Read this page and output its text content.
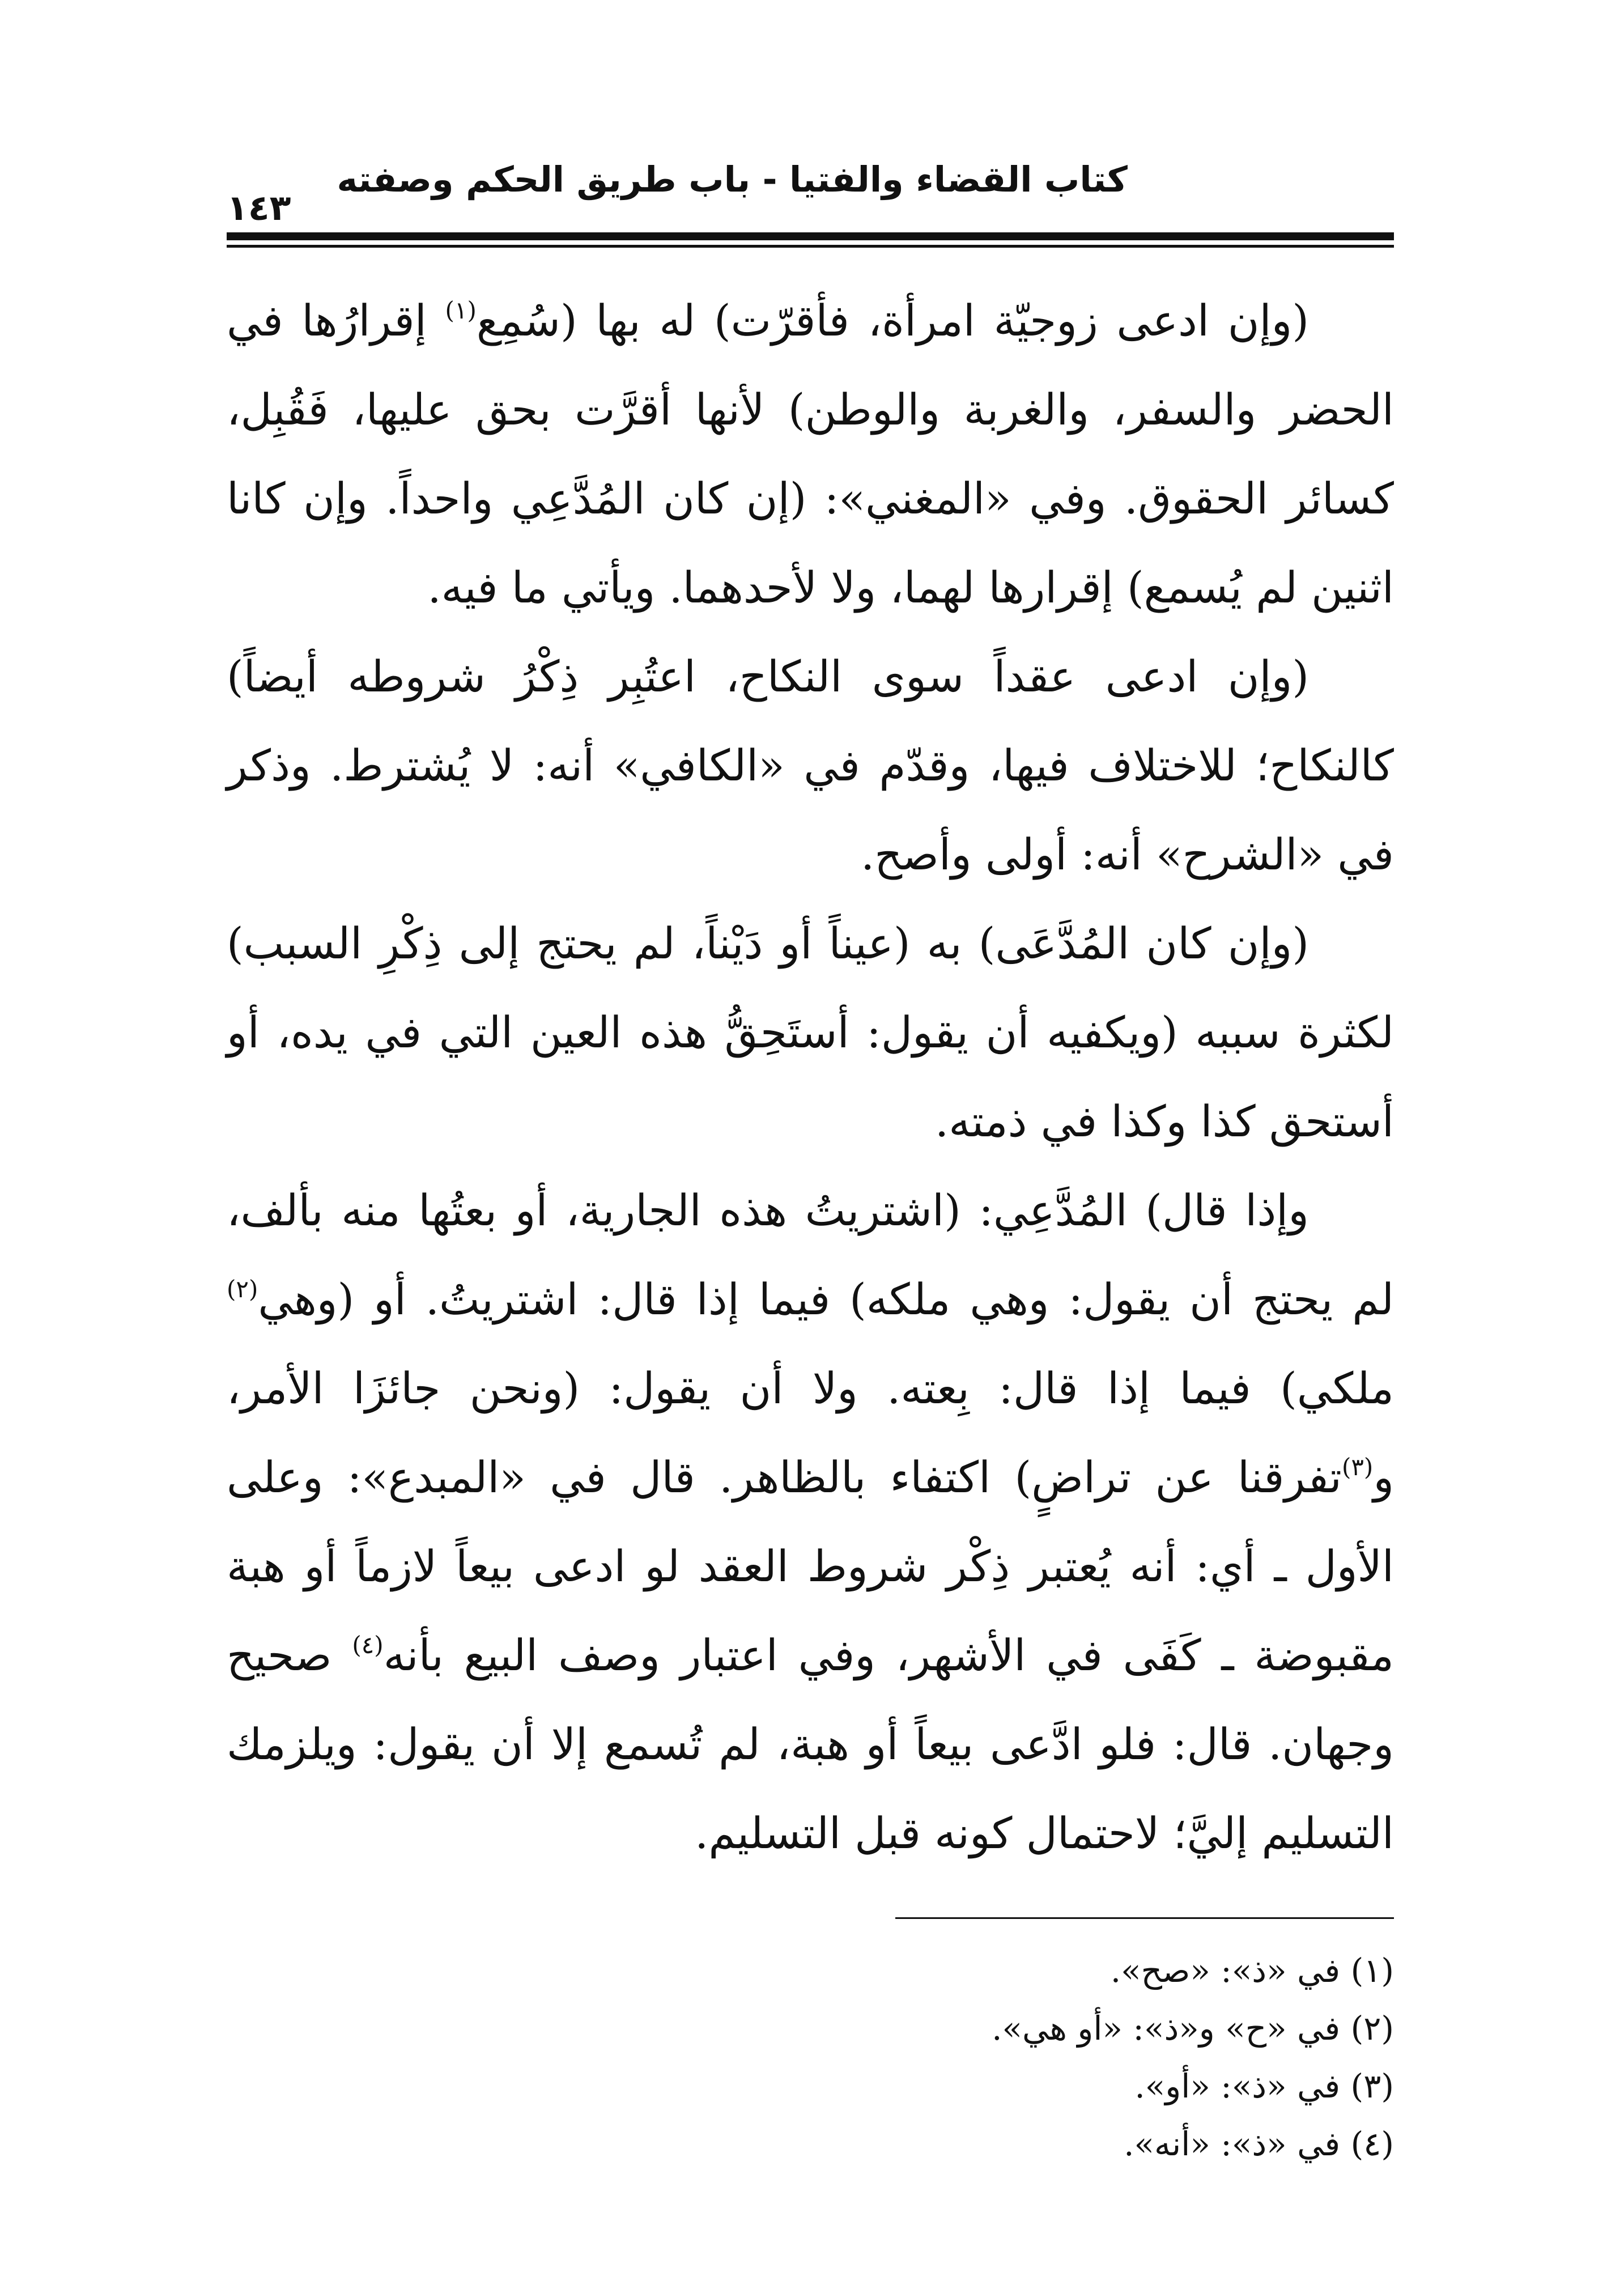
كتاب القضاء والفتيا - باب طريق الحكم وصفته
١٤٣

(وإن ادعى زوجيّة امرأة، فأقرّت) له بها (سُمِع$^{(١)}$ إقرارُها في الحضر والسفر، والغربة والوطن) لأنها أقرَّت بحق عليها، فَقُبِل، كسائر الحقوق. وفي «المغني»: (إن كان المُدَّعِي واحداً. وإن كانا اثنين لم يُسمع) إقرارها لهما، ولا لأحدهما. ويأتي ما فيه.

(وإن ادعى عقداً سوى النكاح، اعتُبِر ذِكْرُ شروطه أيضاً) كالنكاح؛ للاختلاف فيها، وقدّم في «الكافي» أنه: لا يُشترط. وذكر في «الشرح» أنه: أولى وأصح.

(وإن كان المُدَّعَى) به (عيناً أو دَيْناً، لم يحتج إلى ذِكْرِ السبب) لكثرة سببه (ويكفيه أن يقول: أستَحِقُّ هذه العين التي في يده، أو أستحق كذا وكذا في ذمته.

وإذا قال) المُدَّعِي: (اشتريتُ هذه الجارية، أو بعتُها منه بألف، لم يحتج أن يقول: وهي ملكه) فيما إذا قال: اشتريتُ. أو (وهي$^{(٢)}$ ملكي) فيما إذا قال: بِعته. ولا أن يقول: (ونحن جائزَا الأمر، و$^{(٣)}$تفرقنا عن تراضٍ) اكتفاء بالظاهر. قال في «المبدع»: وعلى الأول ـ أي: أنه يُعتبر ذِكْر شروط العقد لو ادعى بيعاً لازماً أو هبة مقبوضة ـ كَفَى في الأشهر، وفي اعتبار وصف البيع بأنه$^{(٤)}$ صحيح وجهان. قال: فلو ادَّعى بيعاً أو هبة، لم تُسمع إلا أن يقول: ويلزمك التسليم إليَّ؛ لاحتمال كونه قبل التسليم.

(١) في «ذ»: «صح».
(٢) في «ح» و«ذ»: «أو هي».
(٣) في «ذ»: «أو».
(٤) في «ذ»: «أنه».
